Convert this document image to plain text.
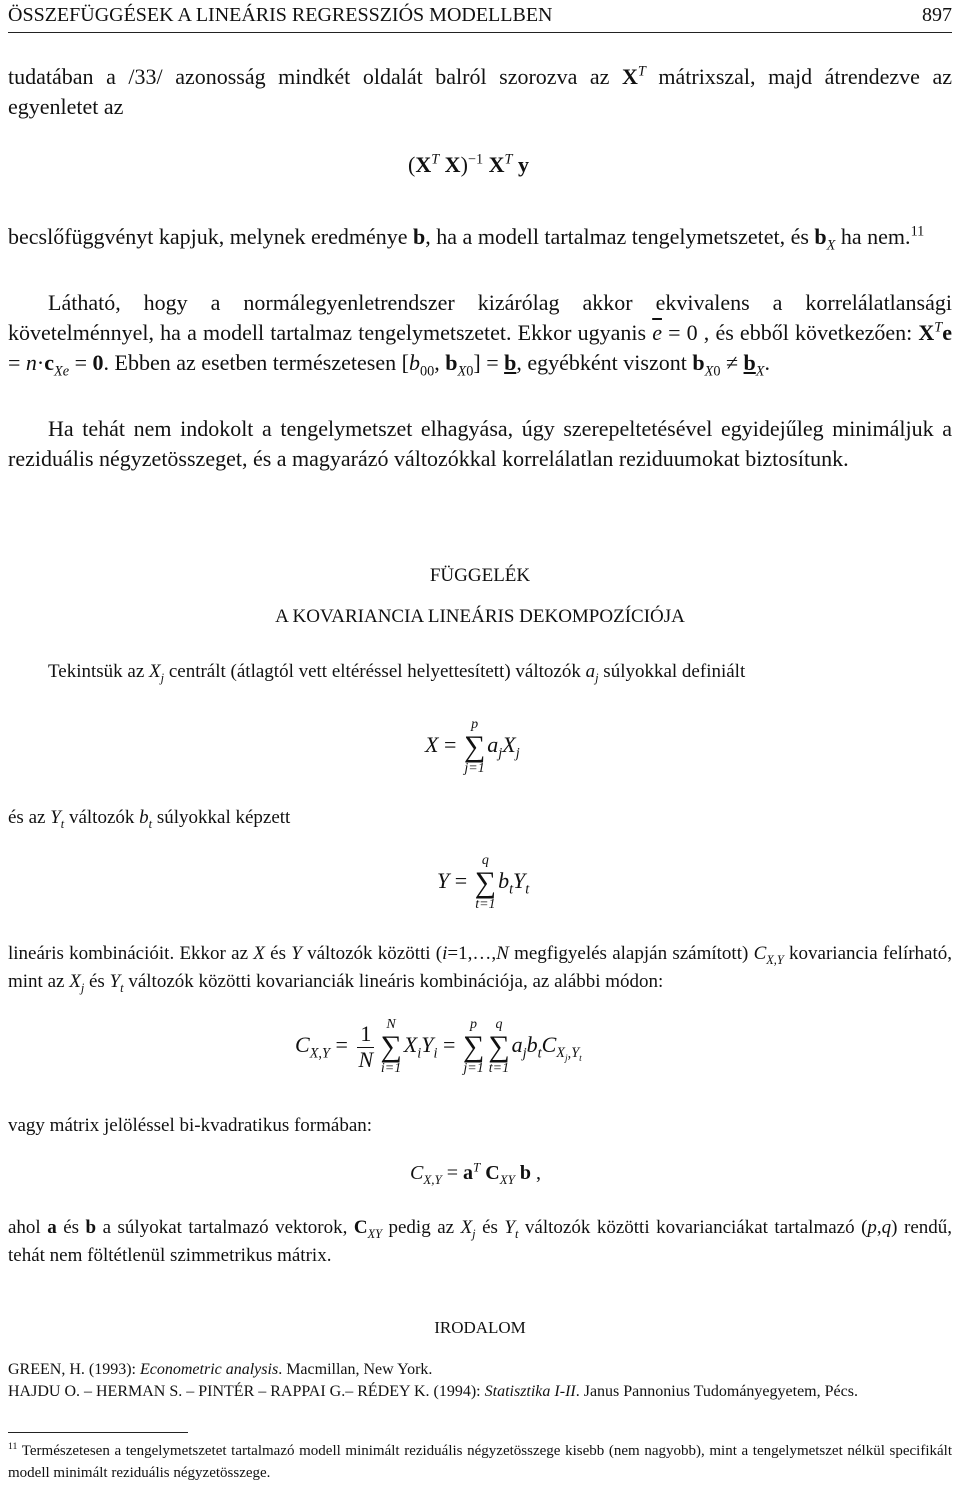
ÖSSZEFÜGGÉSEK A LINEÁRIS REGRESSZIÓS MODELLBEN	897
tudatában a /33/ azonosság mindkét oldalát balról szorozva az $X^T$ mátrixszal, majd átrendezve az egyenletet az
($X^T$ X)$^{-1}$ $X^T$ y
becslőfüggvényt kapjuk, melynek eredménye b, ha a modell tartalmaz tengelymetszetet, és $b_X$ ha nem.$^{11}$
Látható, hogy a normálegyenletrendszer kizárólag akkor ekvivalens a korrelálatlansági követelménnyel, ha a modell tartalmaz tengelymetszetet. Ekkor ugyanis $\overline{e} = 0$ , és ebből következően: $X^Te = n\cdot c_{Xe} = 0$. Ebben az esetben természetesen [$b_{00}$, $b_{X0}] = b$, egyébként viszont $b_{X0} \ne b_X$.
Ha tehát nem indokolt a tengelymetszet elhagyása, úgy szerepeltetésével egyidejűleg minimáljuk a reziduális négyzetösszeget, és a magyarázó változókkal korrelálatlan reziduumokat biztosítunk.
FÜGGELÉK
A KOVARIANCIA LINEÁRIS DEKOMPOZÍCIÓJA
Tekintsük az $X_j$ centrált (átlagtól vett eltéréssel helyettesített) változók $a_j$ súlyokkal definiált
X =
p
∑
j=1
$a_jX_j$
és az $Y_t$ változók $b_t$ súlyokkal képzett
Y =
q
∑
t=1
$b_tY_t$
lineáris kombinációit. Ekkor az X és Y változók közötti (i=1,…,N megfigyelés alapján számított) $C_{X,Y}$ kovariancia felírható, mint az $X_j$ és $Y_t$ változók közötti kovarianciák lineáris kombinációja, az alábbi módon:
$C_{X,Y} = \frac{1}{N}$ N
∑
i=1
$X_iY_i$ =
p
∑
j=1
q
∑
t=1
$a_jb_tC_{X_j,Y_t}$
vagy mátrix jelöléssel bi-kvadratikus formában:
$C_{X,Y} = a^T$ $C_{XY}$ b ,
ahol a és b a súlyokat tartalmazó vektorok, $C_{XY}$ pedig az $X_j$ és $Y_t$ változók közötti kovarianciákat tartalmazó (p,q) rendű, tehát nem föltétlenül szimmetrikus mátrix.
IRODALOM
GREEN, H. (1993): Econometric analysis. Macmillan, New York.
HAJDU O. – HERMAN S. – PINTÉR – RAPPAI G.– RÉDEY K. (1994): Statisztika I-II. Janus Pannonius Tudományegyetem, Pécs.
$^{11}$ Természetesen a tengelymetszetet tartalmazó modell minimált reziduális négyzetösszege kisebb (nem nagyobb), mint a tengelymetszet nélkül specifikált modell minimált reziduális négyzetösszege.
